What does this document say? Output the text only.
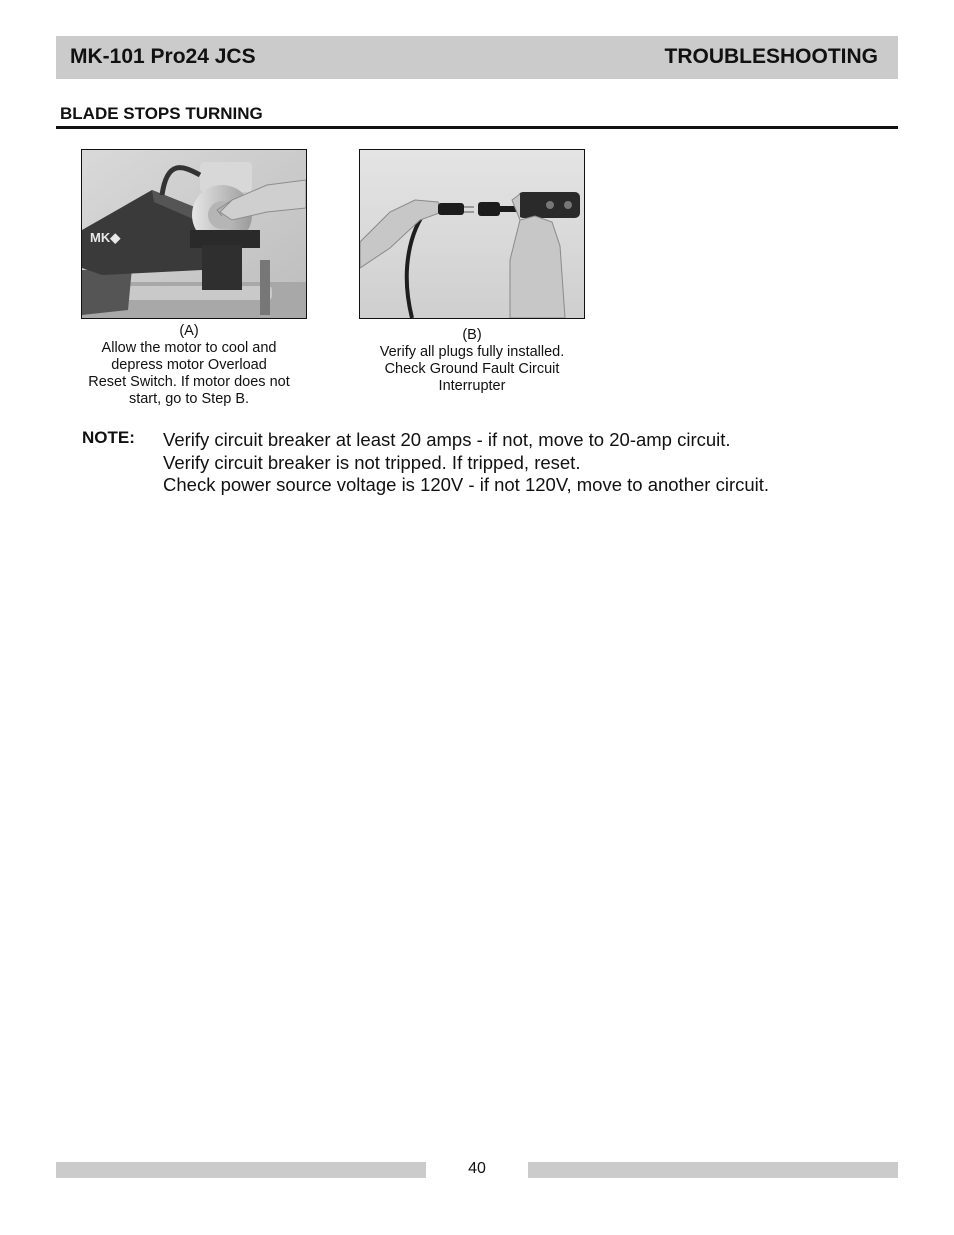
MK-101 Pro24 JCS	TROUBLESHOOTING
BLADE STOPS TURNING
MK◆
(A)
Allow the motor to cool and
depress motor Overload
Reset Switch. If motor does not
start, go to Step B.
(B)
Verify all plugs fully installed.
Check Ground Fault Circuit
Interrupter
NOTE: Verify circuit breaker at least 20 amps - if not, move to 20-amp circuit.
Verify circuit breaker is not tripped. If tripped, reset.
Check power source voltage is 120V - if not 120V, move to another circuit.
40
